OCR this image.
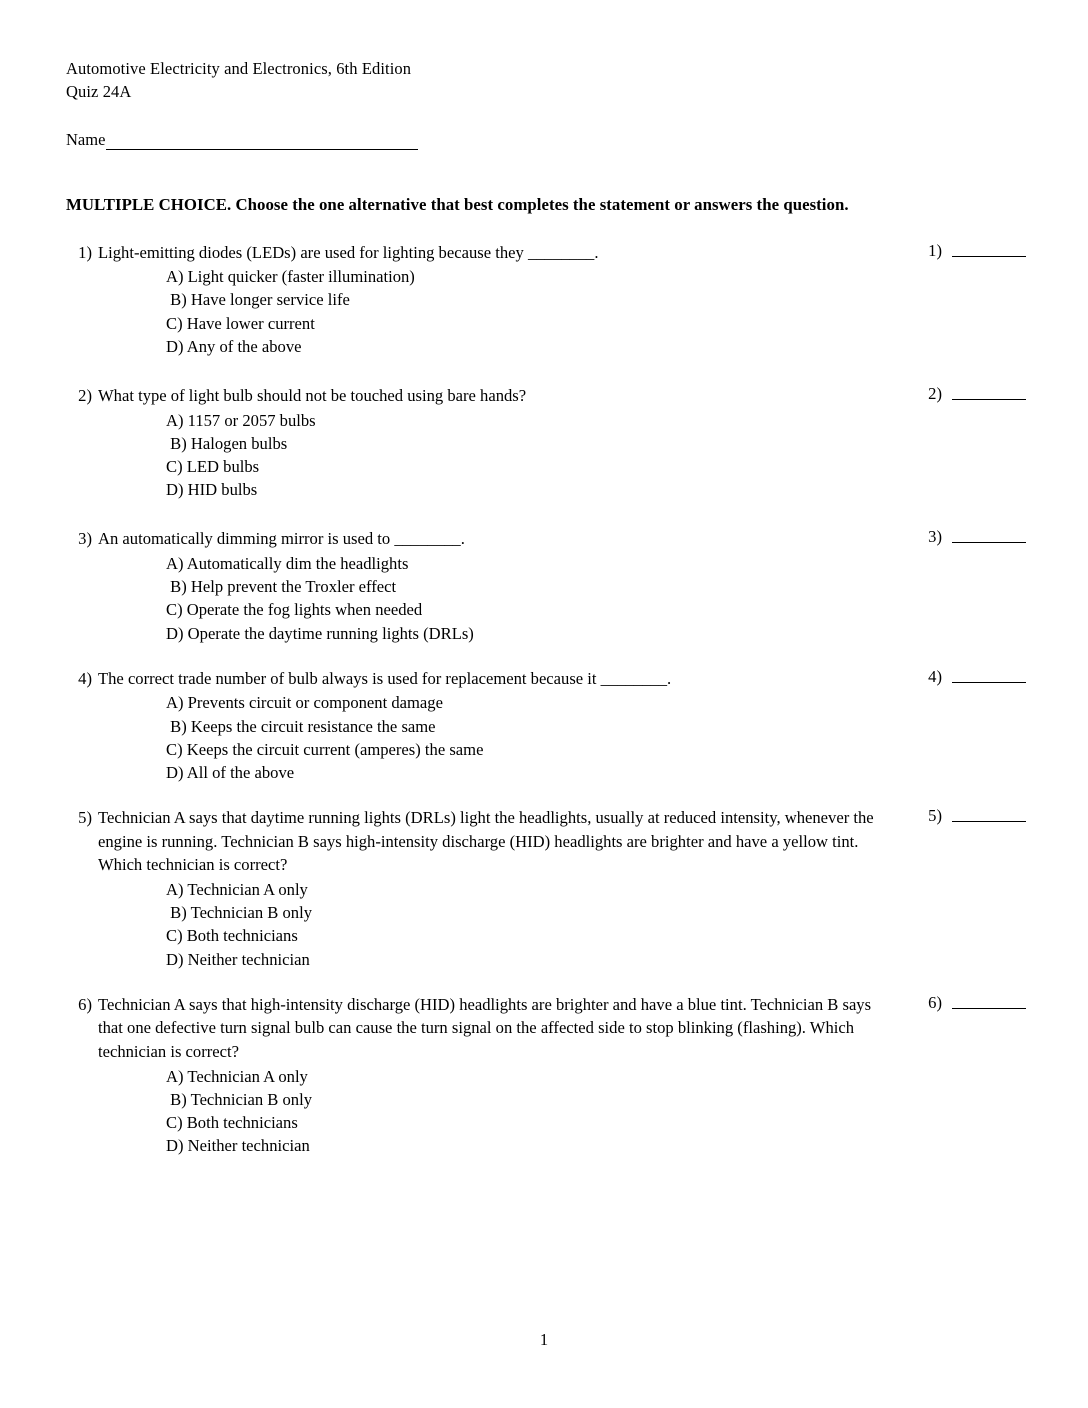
Automotive Electricity and Electronics, 6th Edition
Quiz 24A
Name
MULTIPLE CHOICE. Choose the one alternative that best completes the statement or answers the question.
1) Light-emitting diodes (LEDs) are used for lighting because they ________.
A) Light quicker (faster illumination)
B) Have longer service life
C) Have lower current
D) Any of the above
1)
2) What type of light bulb should not be touched using bare hands?
A) 1157 or 2057 bulbs
B) Halogen bulbs
C) LED bulbs
D) HID bulbs
2)
3) An automatically dimming mirror is used to ________.
A) Automatically dim the headlights
B) Help prevent the Troxler effect
C) Operate the fog lights when needed
D) Operate the daytime running lights (DRLs)
3)
4) The correct trade number of bulb always is used for replacement because it ________.
A) Prevents circuit or component damage
B) Keeps the circuit resistance the same
C) Keeps the circuit current (amperes) the same
D) All of the above
4)
5) Technician A says that daytime running lights (DRLs) light the headlights, usually at reduced intensity, whenever the engine is running. Technician B says high-intensity discharge (HID) headlights are brighter and have a yellow tint. Which technician is correct?
A) Technician A only
B) Technician B only
C) Both technicians
D) Neither technician
5)
6) Technician A says that high-intensity discharge (HID) headlights are brighter and have a blue tint. Technician B says that one defective turn signal bulb can cause the turn signal on the affected side to stop blinking (flashing). Which technician is correct?
A) Technician A only
B) Technician B only
C) Both technicians
D) Neither technician
6)
1
